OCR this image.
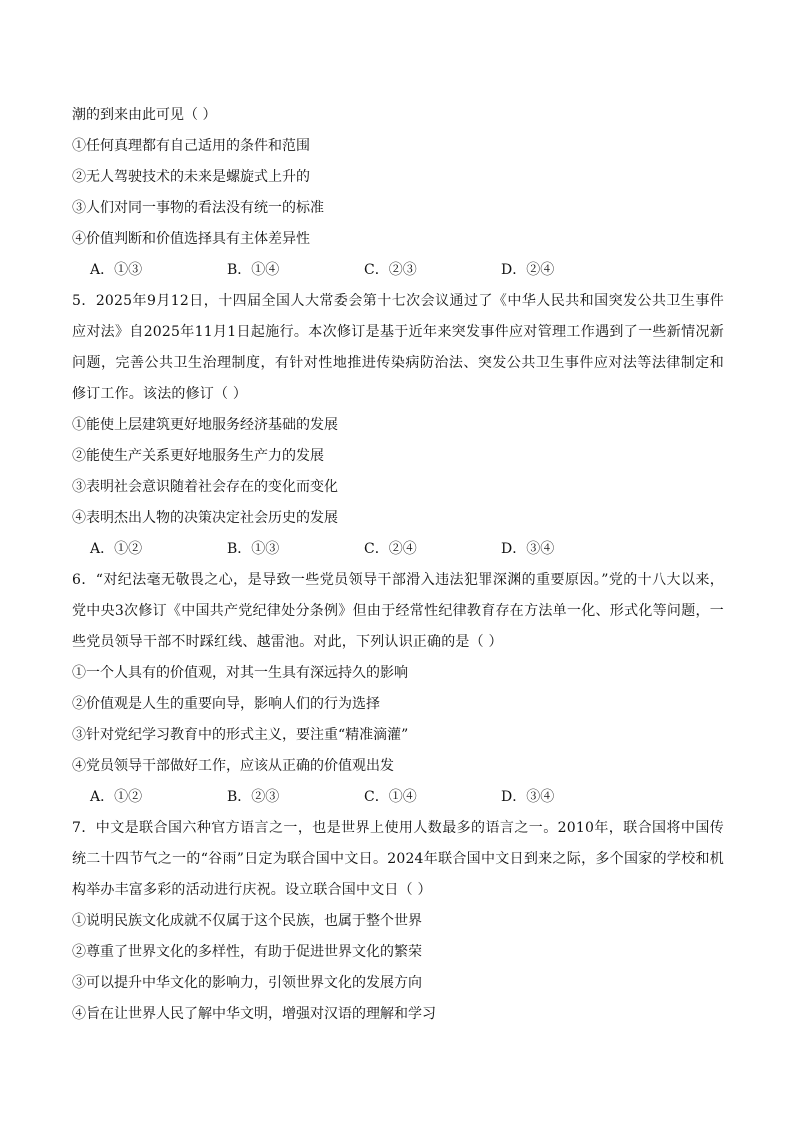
潮的到来由此可见（ ）
①任何真理都有自己适用的条件和范围
②无人驾驶技术的未来是螺旋式上升的
③人们对同一事物的看法没有统一的标准
④价值判断和价值选择具有主体差异性
A．①③	B．①④	C．②③	D．②④
5．2025年9月12日，十四届全国人大常委会第十七次会议通过了《中华人民共和国突发公共卫生事件应对法》自2025年11月1日起施行。本次修订是基于近年来突发事件应对管理工作遇到了一些新情况新问题，完善公共卫生治理制度，有针对性地推进传染病防治法、突发公共卫生事件应对法等法律制定和修订工作。该法的修订（ ）
①能使上层建筑更好地服务经济基础的发展
②能使生产关系更好地服务生产力的发展
③表明社会意识随着社会存在的变化而变化
④表明杰出人物的决策决定社会历史的发展
A．①②	B．①③	C．②④	D．③④
6．“对纪法毫无敬畏之心，是导致一些党员领导干部滑入违法犯罪深渊的重要原因。”党的十八大以来，党中央3次修订《中国共产党纪律处分条例》但由于经常性纪律教育存在方法单一化、形式化等问题，一些党员领导干部不时踩红线、越雷池。对此，下列认识正确的是（ ）
①一个人具有的价值观，对其一生具有深远持久的影响
②价值观是人生的重要向导，影响人们的行为选择
③针对党纪学习教育中的形式主义，要注重“精准滴灌”
④党员领导干部做好工作，应该从正确的价值观出发
A．①②	B．②③	C．①④	D．③④
7．中文是联合国六种官方语言之一，也是世界上使用人数最多的语言之一。2010年，联合国将中国传统二十四节气之一的“谷雨”日定为联合国中文日。2024年联合国中文日到来之际，多个国家的学校和机构举办丰富多彩的活动进行庆祝。设立联合国中文日（ ）
①说明民族文化成就不仅属于这个民族，也属于整个世界
②尊重了世界文化的多样性，有助于促进世界文化的繁荣
③可以提升中华文化的影响力，引领世界文化的发展方向
④旨在让世界人民了解中华文明，增强对汉语的理解和学习
